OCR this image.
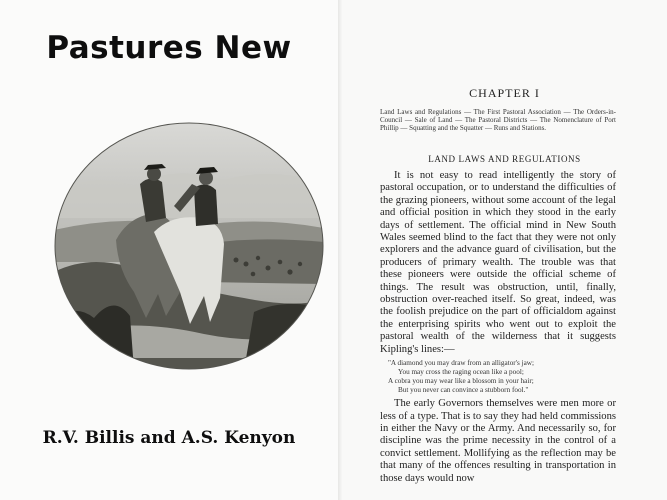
Pastures New
R.V. Billis and A.S. Kenyon
CHAPTER I
Land Laws and Regulations — The First Pastoral Association — The Orders-in-Council — Sale of Land — The Pastoral Districts — The Nomenclature of Port Phillip — Squatting and the Squatter — Runs and Stations.
LAND LAWS AND REGULATIONS

It is not easy to read intelligently the story of pastoral occupation, or to understand the difficulties of the grazing pioneers, without some account of the legal and official position in which they stood in the early days of settlement. The official mind in New South Wales seemed blind to the fact that they were not only explorers and the advance guard of civilisation, but the producers of primary wealth. The trouble was that these pioneers were outside the official scheme of things. The result was obstruction, until, finally, obstruction over-reached itself. So great, indeed, was the foolish prejudice on the part of officialdom against the enterprising spirits who went out to exploit the pastoral wealth of the wilderness that it suggests Kipling's lines:—

"A diamond you may draw from an alligator's jaw;
You may cross the raging ocean like a pool;
A cobra you may wear like a blossom in your hair;
But you never can convince a stubborn fool."

The early Governors themselves were men more or less of a type. That is to say they had held commissions in either the Navy or the Army. And necessarily so, for discipline was the prime necessity in the control of a convict settlement. Mollifying as the reflection may be that many of the offences resulting in transportation in those days would now
